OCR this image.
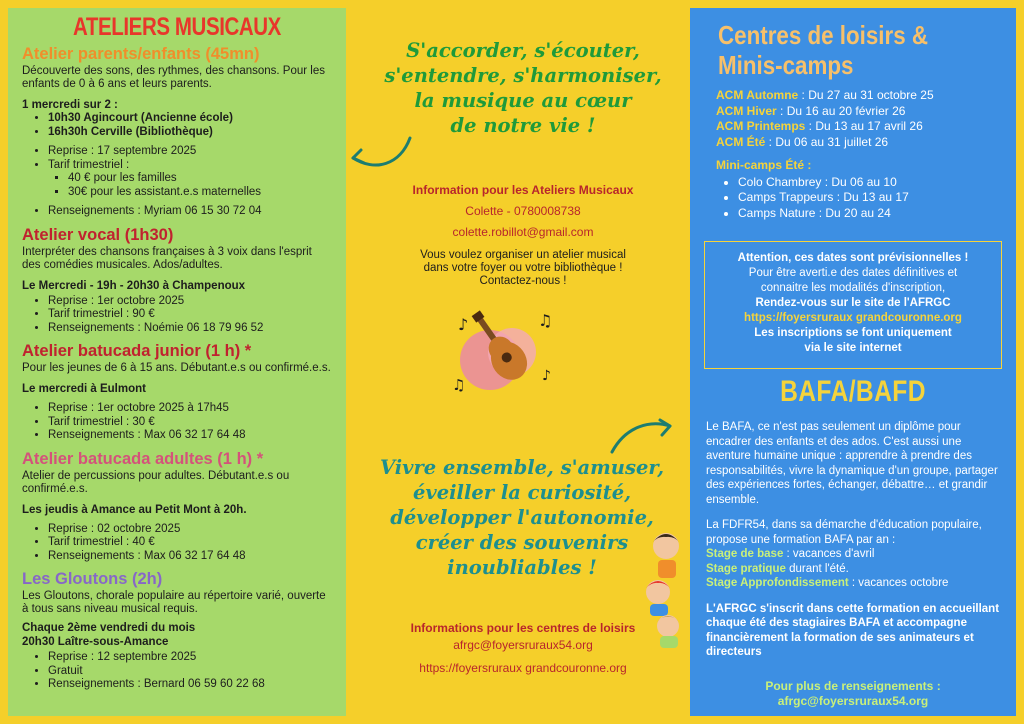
ATELIERS MUSICAUX
Atelier parents/enfants (45mn)

Découverte des sons, des rythmes, des chansons. Pour les enfants de 0 à 6 ans et leurs parents.

1 mercredi sur 2 :

• 10h30 Agincourt (Ancienne école)
• 16h30h Cerville (Bibliothèque)
• Reprise : 17 septembre 2025
• Tarif trimestriel :
▪ 40 € pour les familles
▪ 30€ pour les assistant.e.s maternelles
• Renseignements : Myriam 06 15 30 72 04
Atelier vocal (1h30)

Interpréter des chansons françaises à 3 voix dans l'esprit des comédies musicales. Ados/adultes.

Le Mercredi - 19h - 20h30 à Champenoux

• Reprise : 1er octobre 2025
• Tarif trimestriel : 90 €
• Renseignements : Noémie 06 18 79 96 52
Atelier batucada junior (1 h) *

Pour les jeunes de 6 à 15 ans. Débutant.e.s ou confirmé.e.s.

Le mercredi à Eulmont

• Reprise : 1er octobre 2025 à 17h45
• Tarif trimestriel : 30 €
• Renseignements : Max 06 32 17 64 48
Atelier batucada adultes (1 h) *

Atelier de percussions pour adultes. Débutant.e.s ou confirmé.e.s.

Les jeudis à Amance au Petit Mont à 20h.

• Reprise : 02 octobre 2025
• Tarif trimestriel : 40 €
• Renseignements : Max 06 32 17 64 48
Les Gloutons (2h)

Les Gloutons, chorale populaire au répertoire varié, ouverte à tous sans niveau musical requis.

Chaque 2ème vendredi du mois

20h30 Laître-sous-Amance

• Reprise : 12 septembre 2025
• Gratuit
• Renseignements : Bernard 06 59 60 22 68
S'accorder, s'écouter,
s'entendre, s'harmoniser,
la musique au cœur
de notre vie !
Information pour les Ateliers Musicaux
Colette - 0780008738
colette.robillot@gmail.com
Vous voulez organiser un atelier musical
dans votre foyer ou votre bibliothèque !
Contactez-nous !
♪	♫
♫	♪
Vivre ensemble, s'amuser,
éveiller la curiosité,
développer l'autonomie,
créer des souvenirs
inoubliables !
Informations pour les centres de loisirs
afrgc@foyersruraux54.org
https://foyersruraux grandcouronne.org
Centres de loisirs &
Minis-camps

ACM Automne : Du 27 au 31 octobre 25

ACM Hiver : Du 16 au 20 février 26

ACM Printemps : Du 13 au 17 avril 26

ACM Été : Du 06 au 31 juillet 26

Mini-camps Été :

• Colo Chambrey : Du 06 au 10
• Camps Trappeurs : Du 13 au 17
• Camps Nature : Du 20 au 24
Attention, ces dates sont prévisionnelles !
Pour être averti.e des dates définitives et
connaitre les modalités d'inscription,
Rendez-vous sur le site de l'AFRGC
https://foyersruraux grandcouronne.org
Les inscriptions se font uniquement
via le site internet
BAFA/BAFD

Le BAFA, ce n'est pas seulement un diplôme pour encadrer des enfants et des ados. C'est aussi une aventure humaine unique : apprendre à prendre des responsabilités, vivre la dynamique d'un groupe, partager des expériences fortes, échanger, débattre… et grandir ensemble.

La FDFR54, dans sa démarche d'éducation populaire, propose une formation BAFA par an :

Stage de base : vacances d'avril

Stage pratique durant l'été.

Stage Approfondissement : vacances octobre

L'AFRGC s'inscrit dans cette formation en accueillant chaque été des stagiaires BAFA et accompagne financièrement la formation de ses animateurs et directeurs

Pour plus de renseignements :
afrgc@foyersruraux54.org
